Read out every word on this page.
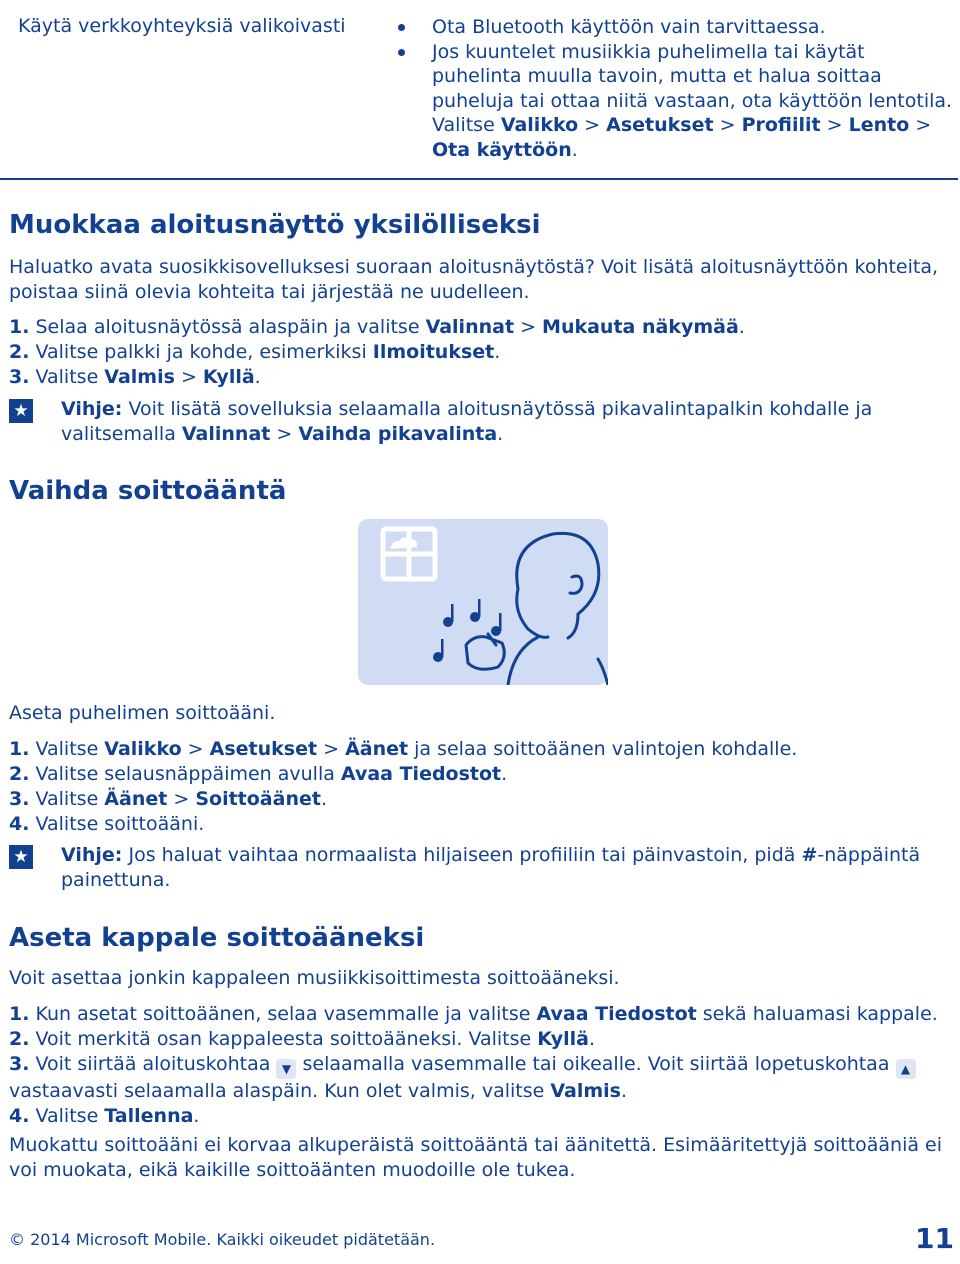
Käytä verkkoyhteyksiä valikoivasti	Ota Bluetooth käyttöön vain tarvittaessa.
Jos kuuntelet musiikkia puhelimella tai käytät puhelinta muulla tavoin, mutta et halua soittaa puheluja tai ottaa niitä vastaan, ota käyttöön lentotila. Valitse Valikko > Asetukset > Profiilit > Lento > Ota käyttöön.
Muokkaa aloitusnäyttö yksilölliseksi
Haluatko avata suosikkisovelluksesi suoraan aloitusnäytöstä? Voit lisätä aloitusnäyttöön kohteita, poistaa siinä olevia kohteita tai järjestää ne uudelleen.
1. Selaa aloitusnäytössä alaspäin ja valitse Valinnat > Mukauta näkymää.
2. Valitse palkki ja kohde, esimerkiksi Ilmoitukset.
3. Valitse Valmis > Kyllä.
★ Vihje: Voit lisätä sovelluksia selaamalla aloitusnäytössä pikavalintapalkin kohdalle ja valitsemalla Valinnat > Vaihda pikavalinta.
Vaihda soittoääntä
Aseta puhelimen soittoääni.
1. Valitse Valikko > Asetukset > Äänet ja selaa soittoäänen valintojen kohdalle.
2. Valitse selausnäppäimen avulla Avaa Tiedostot.
3. Valitse Äänet > Soittoäänet.
4. Valitse soittoääni.
★ Vihje: Jos haluat vaihtaa normaalista hiljaiseen profiiliin tai päinvastoin, pidä #-näppäintä painettuna.
Aseta kappale soittoääneksi
Voit asettaa jonkin kappaleen musiikkisoittimesta soittoääneksi.
1. Kun asetat soittoäänen, selaa vasemmalle ja valitse Avaa Tiedostot sekä haluamasi kappale.
2. Voit merkitä osan kappaleesta soittoääneksi. Valitse Kyllä.
3. Voit siirtää aloituskohtaa ▼ selaamalla vasemmalle tai oikealle. Voit siirtää lopetuskohtaa ▲ vastaavasti selaamalla alaspäin. Kun olet valmis, valitse Valmis.
4. Valitse Tallenna.
Muokattu soittoääni ei korvaa alkuperäistä soittoääntä tai äänitettä. Esimääritettyjä soittoääniä ei voi muokata, eikä kaikille soittoäänten muodoille ole tukea.
© 2014 Microsoft Mobile. Kaikki oikeudet pidätetään.	11
